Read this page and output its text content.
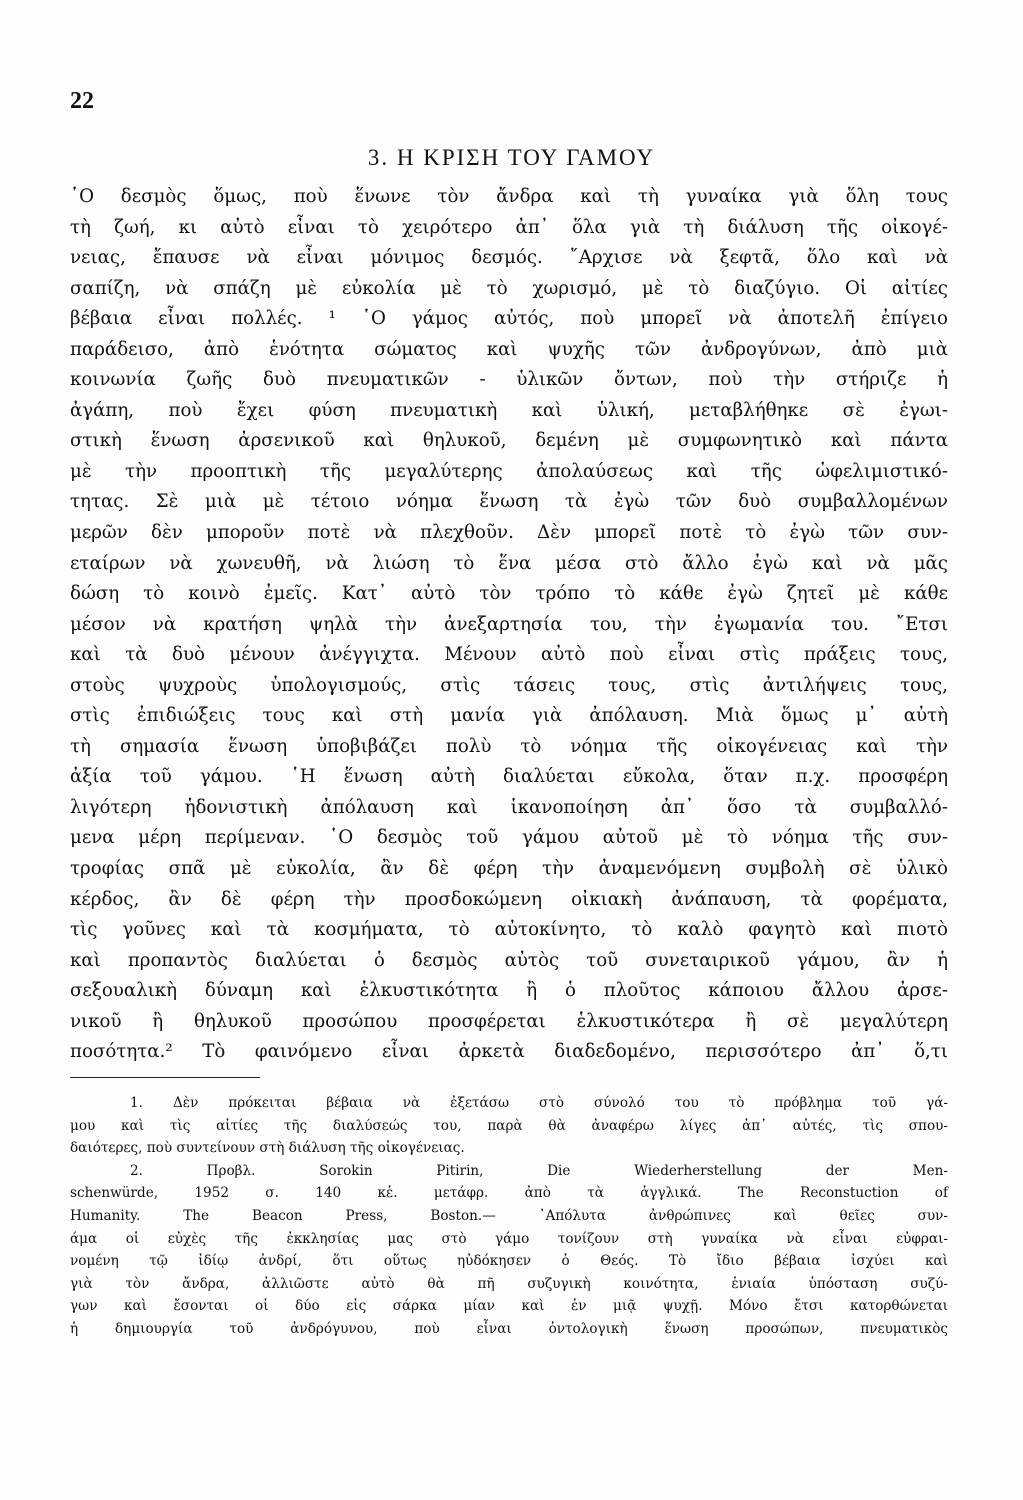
22
3. Η ΚΡΙΣΗ ΤΟΥ ΓΑΜΟΥ
῾Ο δεσμὸς ὅμως, ποὺ ἕνωνε τὸν ἄνδρα καὶ τὴ γυναίκα γιὰ ὅλη τους
τὴ ζωή, κι αὐτὸ εἶναι τὸ χειρότερο ἀπ᾽ ὅλα γιὰ τὴ διάλυση τῆς οἰκογέ-
νειας, ἔπαυσε νὰ εἶναι μόνιμος δεσμός. ῎Αρχισε νὰ ξεφτᾶ, ὅλο καὶ νὰ
σαπίζη, νὰ σπάζη μὲ εὐκολία μὲ τὸ χωρισμό, μὲ τὸ διαζύγιο. Οἱ αἰτίες
βέβαια εἶναι πολλές. ¹ ῾Ο γάμος αὐτός, ποὺ μπορεῖ νὰ ἀποτελῆ ἐπίγειο
παράδεισο, ἀπὸ ἑνότητα σώματος καὶ ψυχῆς τῶν ἀνδρογύνων, ἀπὸ μιὰ
κοινωνία ζωῆς δυὸ πνευματικῶν - ὑλικῶν ὄντων, ποὺ τὴν στήριζε ἡ
ἀγάπη, ποὺ ἔχει φύση πνευματικὴ καὶ ὑλική, μεταβλήθηκε σὲ ἐγωι-
στικὴ ἕνωση ἀρσενικοῦ καὶ θηλυκοῦ, δεμένη μὲ συμφωνητικὸ καὶ πάντα
μὲ τὴν προοπτικὴ τῆς μεγαλύτερης ἀπολαύσεως καὶ τῆς ὠφελιμιστικό-
τητας. Σὲ μιὰ μὲ τέτοιο νόημα ἕνωση τὰ ἐγὼ τῶν δυὸ συμβαλλομένων
μερῶν δὲν μποροῦν ποτὲ νὰ πλεχθοῦν. Δὲν μπορεῖ ποτὲ τὸ ἐγὼ τῶν συν-
εταίρων νὰ χωνευθῆ, νὰ λιώση τὸ ἕνα μέσα στὸ ἄλλο ἐγὼ καὶ νὰ μᾶς
δώση τὸ κοινὸ ἐμεῖς. Κατ᾽ αὐτὸ τὸν τρόπο τὸ κάθε ἐγὼ ζητεῖ μὲ κάθε
μέσον νὰ κρατήση ψηλὰ τὴν ἀνεξαρτησία του, τὴν ἐγωμανία του. ῎Ετσι
καὶ τὰ δυὸ μένουν ἀνέγγιχτα. Μένουν αὐτὸ ποὺ εἶναι στὶς πράξεις τους,
στοὺς ψυχροὺς ὑπολογισμούς, στὶς τάσεις τους, στὶς ἀντιλήψεις τους,
στὶς ἐπιδιώξεις τους καὶ στὴ μανία γιὰ ἀπόλαυση. Μιὰ ὅμως μ᾽ αὐτὴ
τὴ σημασία ἕνωση ὑποβιβάζει πολὺ τὸ νόημα τῆς οἰκογένειας καὶ τὴν
ἀξία τοῦ γάμου. ῾Η ἕνωση αὐτὴ διαλύεται εὔκολα, ὅταν π.χ. προσφέρη
λιγότερη ἡδονιστικὴ ἀπόλαυση καὶ ἱκανοποίηση ἀπ᾽ ὅσο τὰ συμβαλλό-
μενα μέρη περίμεναν. ῾Ο δεσμὸς τοῦ γάμου αὐτοῦ μὲ τὸ νόημα τῆς συν-
τροφίας σπᾶ μὲ εὐκολία, ἂν δὲ φέρη τὴν ἀναμενόμενη συμβολὴ σὲ ὑλικὸ
κέρδος, ἂν δὲ φέρη τὴν προσδοκώμενη οἰκιακὴ ἀνάπαυση, τὰ φορέματα,
τὶς γοῦνες καὶ τὰ κοσμήματα, τὸ αὐτοκίνητο, τὸ καλὸ φαγητὸ καὶ πιοτὸ
καὶ προπαντὸς διαλύεται ὁ δεσμὸς αὐτὸς τοῦ συνεταιρικοῦ γάμου, ἂν ἡ
σεξουαλικὴ δύναμη καὶ ἑλκυστικότητα ἢ ὁ πλοῦτος κάποιου ἄλλου ἀρσε-
νικοῦ ἢ θηλυκοῦ προσώπου προσφέρεται ἑλκυστικότερα ἢ σὲ μεγαλύτερη
ποσότητα.² Τὸ φαινόμενο εἶναι ἀρκετὰ διαδεδομένο, περισσότερο ἀπ᾽ ὅ,τι
1. Δὲν πρόκειται βέβαια νὰ ἐξετάσω στὸ σύνολό του τὸ πρόβλημα τοῦ γά-
μου καὶ τὶς αἰτίες τῆς διαλύσεώς του, παρὰ θὰ ἀναφέρω λίγες ἀπ᾽ αὐτές, τὶς σπου-
δαιότερες, ποὺ συντείνουν στὴ διάλυση τῆς οἰκογένειας.
2. Προβλ. Sorokin Pitirin, Die Wiederherstellung der Men-
schenwürde, 1952 σ. 140 κἑ. μετάφρ. ἀπὸ τὰ ἀγγλικά. The Reconstuction of
Humanity. The Beacon Press, Boston.— ᾽Απόλυτα ἀνθρώπινες καὶ θεῖες συν-
άμα οἱ εὐχὲς τῆς ἐκκλησίας μας στὸ γάμο τονίζουν στὴ γυναίκα νὰ εἶναι εὐφραι-
νομένη τῷ ἰδίῳ ἀνδρί, ὅτι οὕτως ηὐδόκησεν ὁ Θεός. Τὸ ἴδιο βέβαια ἰσχύει καὶ
γιὰ τὸν ἄνδρα, ἀλλιῶστε αὐτὸ θὰ πῆ συζυγικὴ κοινότητα, ἑνιαία ὑπόσταση συζύ-
γων καὶ ἔσονται οἱ δύο εἰς σάρκα μίαν καὶ ἐν μιᾷ ψυχῇ. Μόνο ἔτσι κατορθώνεται
ἡ δημιουργία τοῦ ἀνδρόγυνου, ποὺ εἶναι ὀντολογικὴ ἕνωση προσώπων, πνευματικὸς
